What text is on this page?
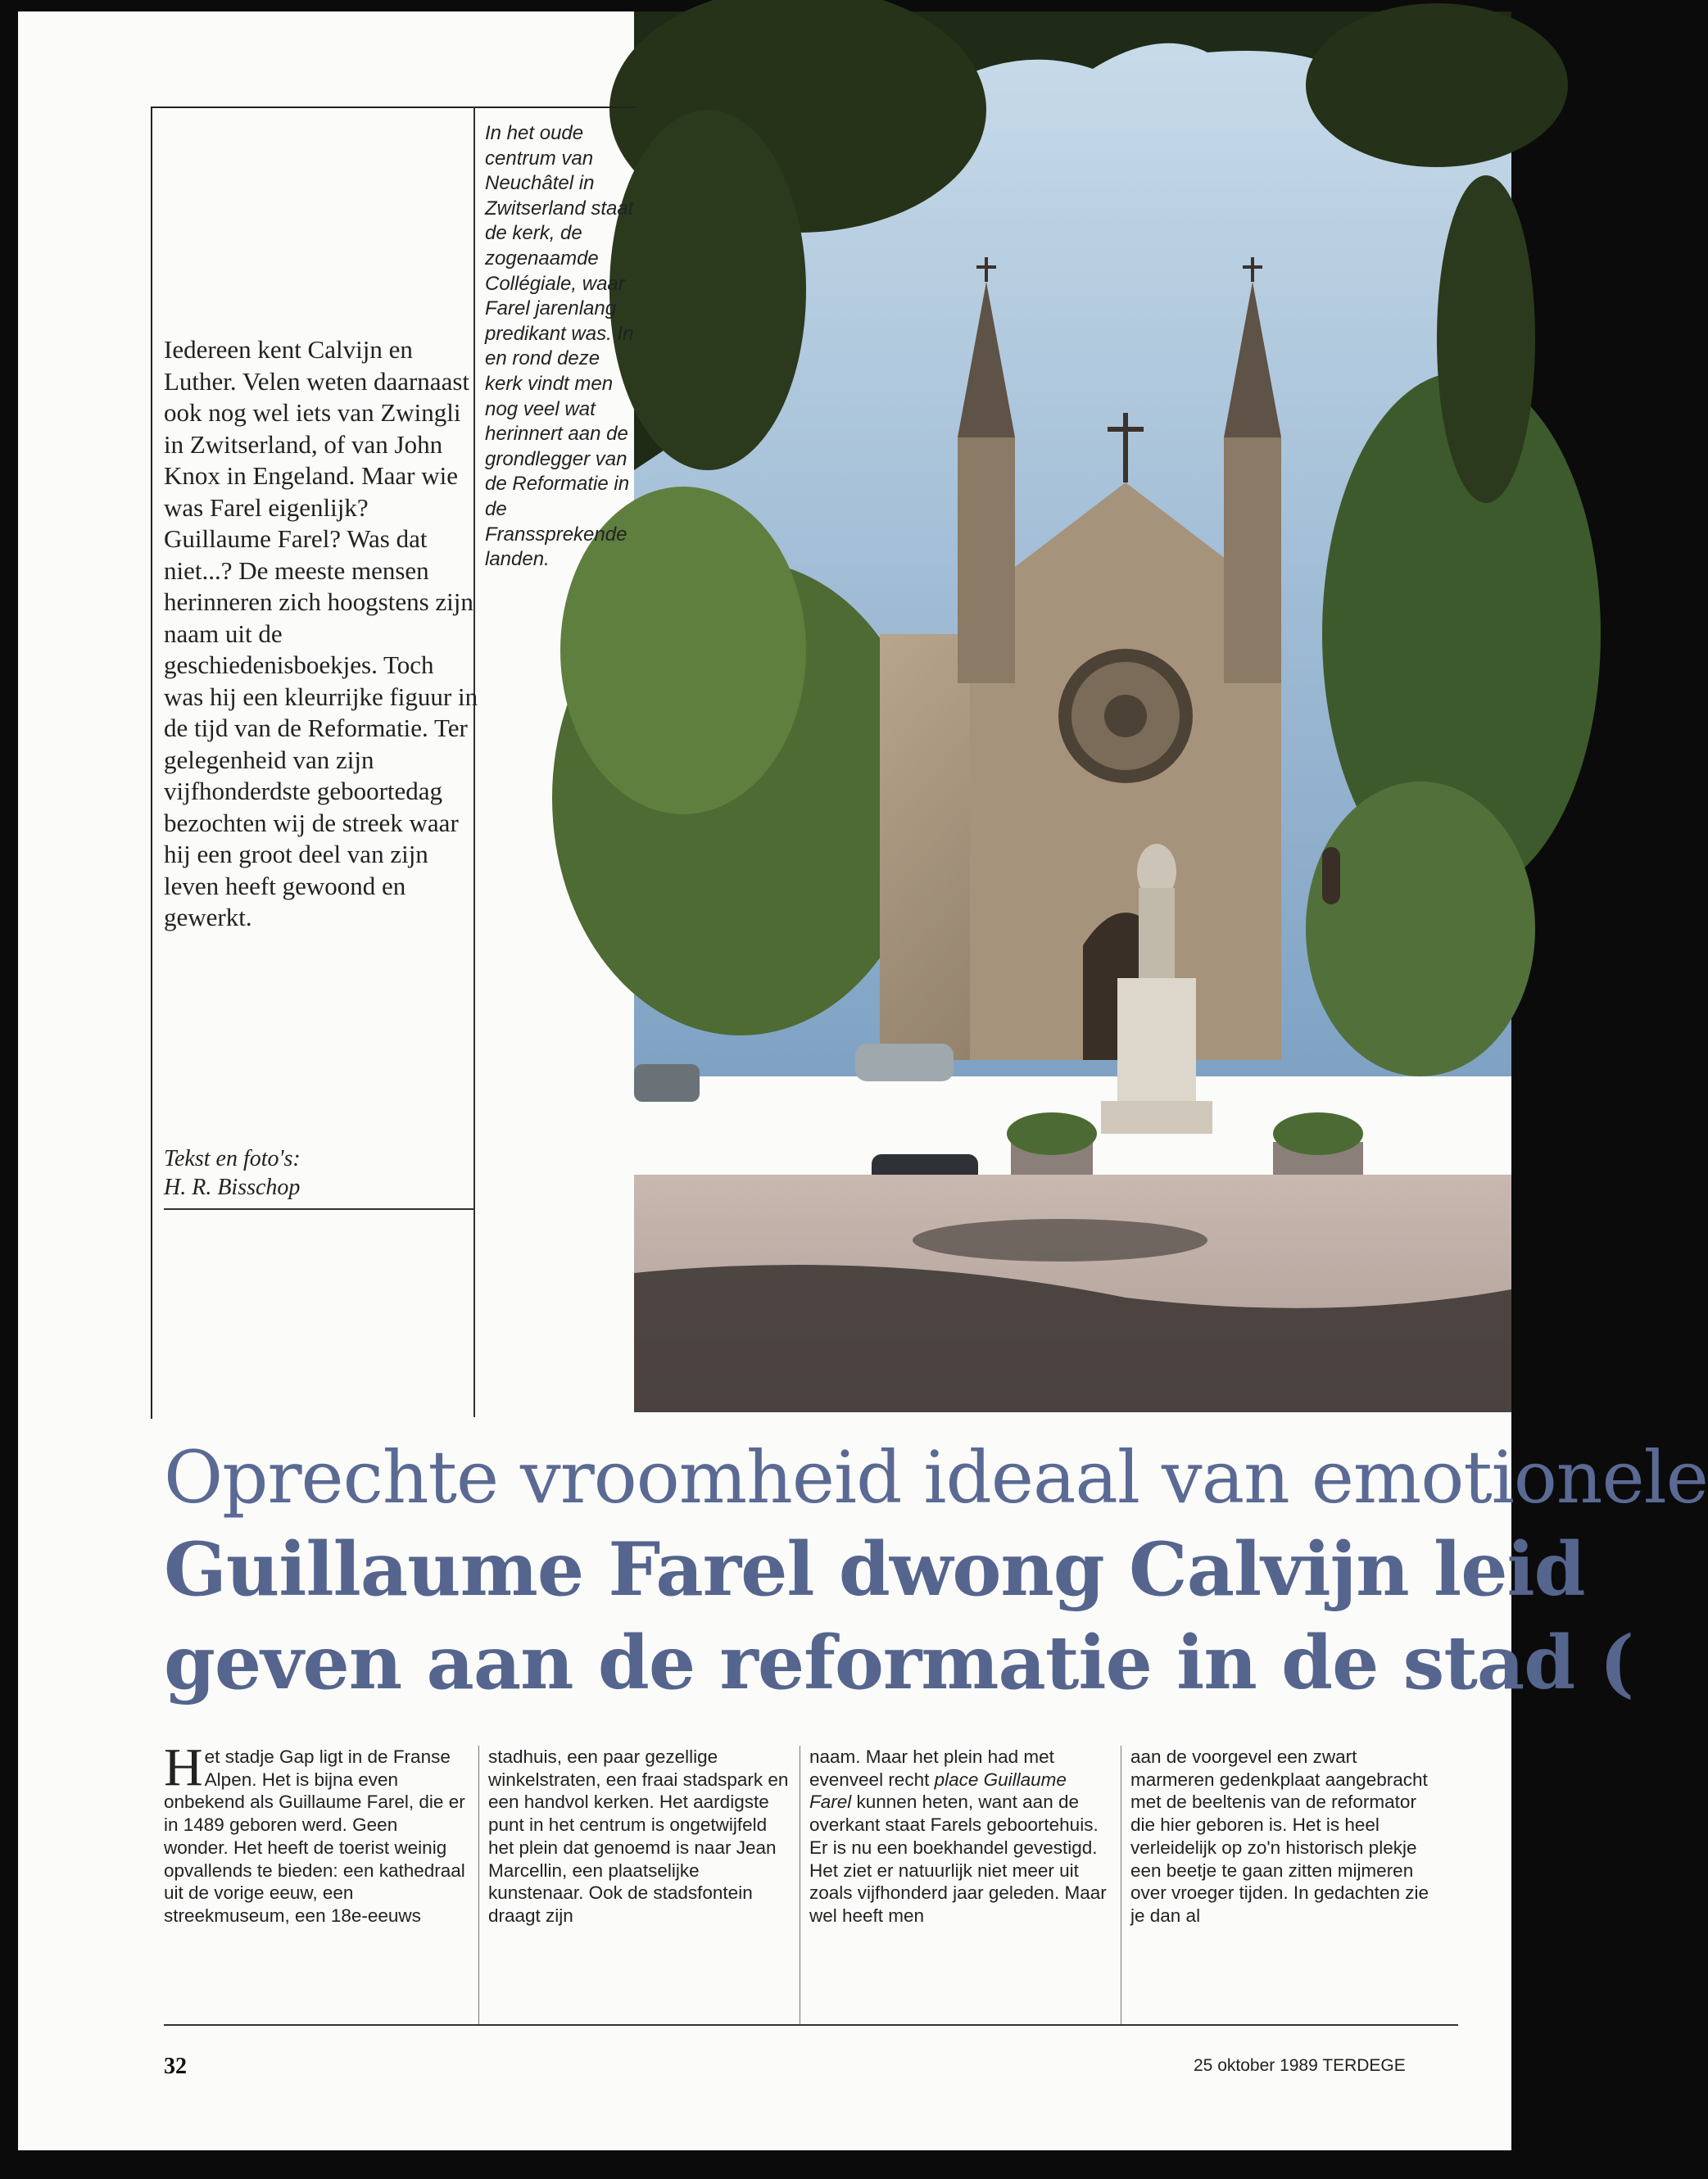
Iedereen kent Calvijn en Luther. Velen weten daarnaast ook nog wel iets van Zwingli in Zwitserland, of van John Knox in Engeland. Maar wie was Farel eigenlijk? Guillaume Farel? Was dat niet...? De meeste mensen herinneren zich hoogstens zijn naam uit de geschiedenisboekjes. Toch was hij een kleurrijke figuur in de tijd van de Reformatie. Ter gelegenheid van zijn vijfhonderdste geboortedag bezochten wij de streek waar hij een groot deel van zijn leven heeft gewoond en gewerkt.

Tekst en foto's:
H. R. Bisschop

In het oude centrum van Neuchâtel in Zwitserland staat de kerk, de zogenaamde Collégiale, waar Farel jarenlang predikant was. In en rond deze kerk vindt men nog veel wat herinnert aan de grondlegger van de Reformatie in de Franssprekende landen.

Oprechte vroomheid ideaal van emotionele
Guillaume Farel dwong Calvijn leid
geven aan de reformatie in de stad (
Het stadje Gap ligt in de Franse Alpen. Het is bijna even onbekend als Guillaume Farel, die er in 1489 geboren werd. Geen wonder. Het heeft de toerist weinig opvallends te bieden: een kathedraal uit de vorige eeuw, een streekmuseum, een 18e-eeuws
stadhuis, een paar gezellige winkelstraten, een fraai stadspark en een handvol kerken. Het aardigste punt in het centrum is ongetwijfeld het plein dat genoemd is naar Jean Marcellin, een plaatselijke kunstenaar. Ook de stadsfontein draagt zijn
naam. Maar het plein had met evenveel recht place Guillaume Farel kunnen heten, want aan de overkant staat Farels geboortehuis. Er is nu een boekhandel gevestigd. Het ziet er natuurlijk niet meer uit zoals vijfhonderd jaar geleden. Maar wel heeft men
aan de voorgevel een zwart marmeren gedenkplaat aangebracht met de beeltenis van de reformator die hier geboren is. Het is heel verleidelijk op zo'n historisch plekje een beetje te gaan zitten mijmeren over vroeger tijden. In gedachten zie je dan al
32	25 oktober 1989 TERDEGE
